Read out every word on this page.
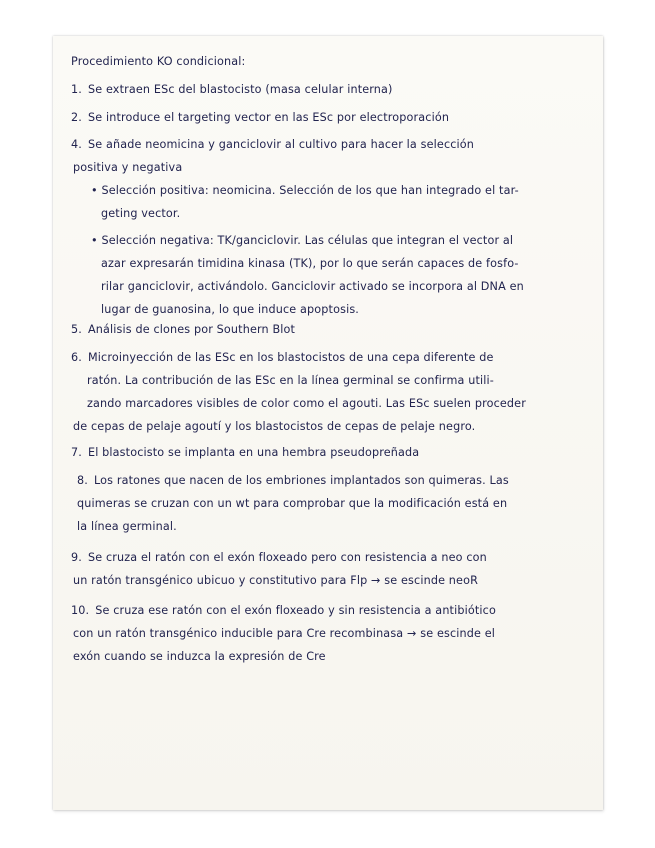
Procedimiento KO condicional:
1. Se extraen ESc del blastocisto (masa celular interna)
2. Se introduce el targeting vector en las ESc por electroporación
4. Se añade neomicina y ganciclovir al cultivo para hacer la selección
positiva y negativa
• Selección positiva: neomicina. Selección de los que han integrado el tar-
geting vector.
• Selección negativa: TK/ganciclovir. Las células que integran el vector al
azar expresarán timidina kinasa (TK), por lo que serán capaces de fosfo-
rilar ganciclovir, activándolo. Ganciclovir activado se incorpora al DNA en
lugar de guanosina, lo que induce apoptosis.
5. Análisis de clones por Southern Blot
6. Microinyección de las ESc en los blastocistos de una cepa diferente de
ratón. La contribución de las ESc en la línea germinal se confirma utili-
zando marcadores visibles de color como el agouti. Las ESc suelen proceder
de cepas de pelaje agoutí y los blastocistos de cepas de pelaje negro.
7. El blastocisto se implanta en una hembra pseudopreñada
8. Los ratones que nacen de los embriones implantados son quimeras. Las
quimeras se cruzan con un wt para comprobar que la modificación está en
la línea germinal.
9. Se cruza el ratón con el exón floxeado pero con resistencia a neo con
un ratón transgénico ubicuo y constitutivo para Flp → se escinde neoR
10. Se cruza ese ratón con el exón floxeado y sin resistencia a antibiótico
con un ratón transgénico inducible para Cre recombinasa → se escinde el
exón cuando se induzca la expresión de Cre
